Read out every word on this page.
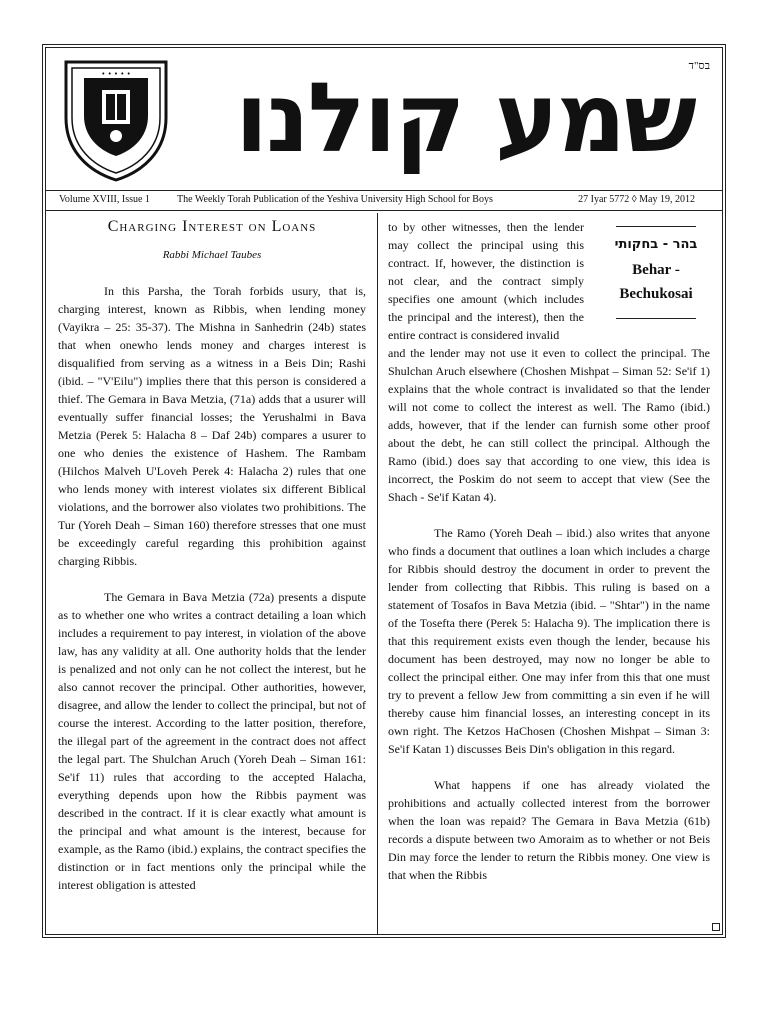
בס"ד
• • • • •	שמע קולנו
Volume XVIII, Issue 1	The Weekly Torah Publication of the Yeshiva University High School for Boys	27 Iyar 5772 ◊ May 19, 2012
Charging Interest on Loans
Rabbi Michael Taubes

In this Parsha, the Torah forbids usury, that is, charging interest, known as Ribbis, when lending money (Vayikra – 25: 35-37). The Mishna in Sanhedrin (24b) states that when onewho lends money and charges interest is disqualified from serving as a witness in a Beis Din; Rashi (ibid. – "V'Eilu") implies there that this person is considered a thief. The Gemara in Bava Metzia, (71a) adds that a usurer will eventually suffer financial losses; the Yerushalmi in Bava Metzia (Perek 5: Halacha 8 – Daf 24b) compares a usurer to one who denies the existence of Hashem. The Rambam (Hilchos Malveh U'Loveh Perek 4: Halacha 2) rules that one who lends money with interest violates six different Biblical violations, and the borrower also violates two prohibitions. The Tur (Yoreh Deah – Siman 160) therefore stresses that one must be exceedingly careful regarding this prohibition against charging Ribbis.

The Gemara in Bava Metzia (72a) presents a dispute as to whether one who writes a contract detailing a loan which includes a requirement to pay interest, in violation of the above law, has any validity at all. One authority holds that the lender is penalized and not only can he not collect the interest, but he also cannot recover the principal. Other authorities, however, disagree, and allow the lender to collect the principal, but not of course the interest. According to the latter position, therefore, the illegal part of the agreement in the contract does not affect the legal part. The Shulchan Aruch (Yoreh Deah – Siman 161: Se'if 11) rules that according to the accepted Halacha, everything depends upon how the Ribbis payment was described in the contract. If it is clear exactly what amount is the principal and what amount is the interest, because for example, as the Ramo (ibid.) explains, the contract specifies the distinction or in fact mentions only the principal while the interest obligation is attested

to by other witnesses, then the lender may collect the principal using this contract. If, however, the distinction is not clear, and the contract simply specifies one amount (which includes the principal and the interest), then the entire contract is considered invalid

and the lender may not use it even to collect the principal. The Shulchan Aruch elsewhere (Choshen Mishpat – Siman 52: Se'if 1) explains that the whole contract is invalidated so that the lender will not come to collect the interest as well. The Ramo (ibid.) adds, however, that if the lender can furnish some other proof about the debt, he can still collect the principal. Although the Ramo (ibid.) does say that according to one view, this idea is incorrect, the Poskim do not seem to accept that view (See the Shach - Se'if Katan 4).

The Ramo (Yoreh Deah – ibid.) also writes that anyone who finds a document that outlines a loan which includes a charge for Ribbis should destroy the document in order to prevent the lender from collecting that Ribbis. This ruling is based on a statement of Tosafos in Bava Metzia (ibid. – "Shtar") in the name of the Tosefta there (Perek 5: Halacha 9). The implication there is that this requirement exists even though the lender, because his document has been destroyed, may now no longer be able to collect the principal either. One may infer from this that one must try to prevent a fellow Jew from committing a sin even if he will thereby cause him financial losses, an interesting concept in its own right. The Ketzos HaChosen (Choshen Mishpat – Siman 3: Se'if Katan 1) discusses Beis Din's obligation in this regard.

What happens if one has already violated the prohibitions and actually collected interest from the borrower when the loan was repaid? The Gemara in Bava Metzia (61b) records a dispute between two Amoraim as to whether or not Beis Din may force the lender to return the Ribbis money. One view is that when the Ribbis

בהר - בחקותי
Behar - Bechukosai
